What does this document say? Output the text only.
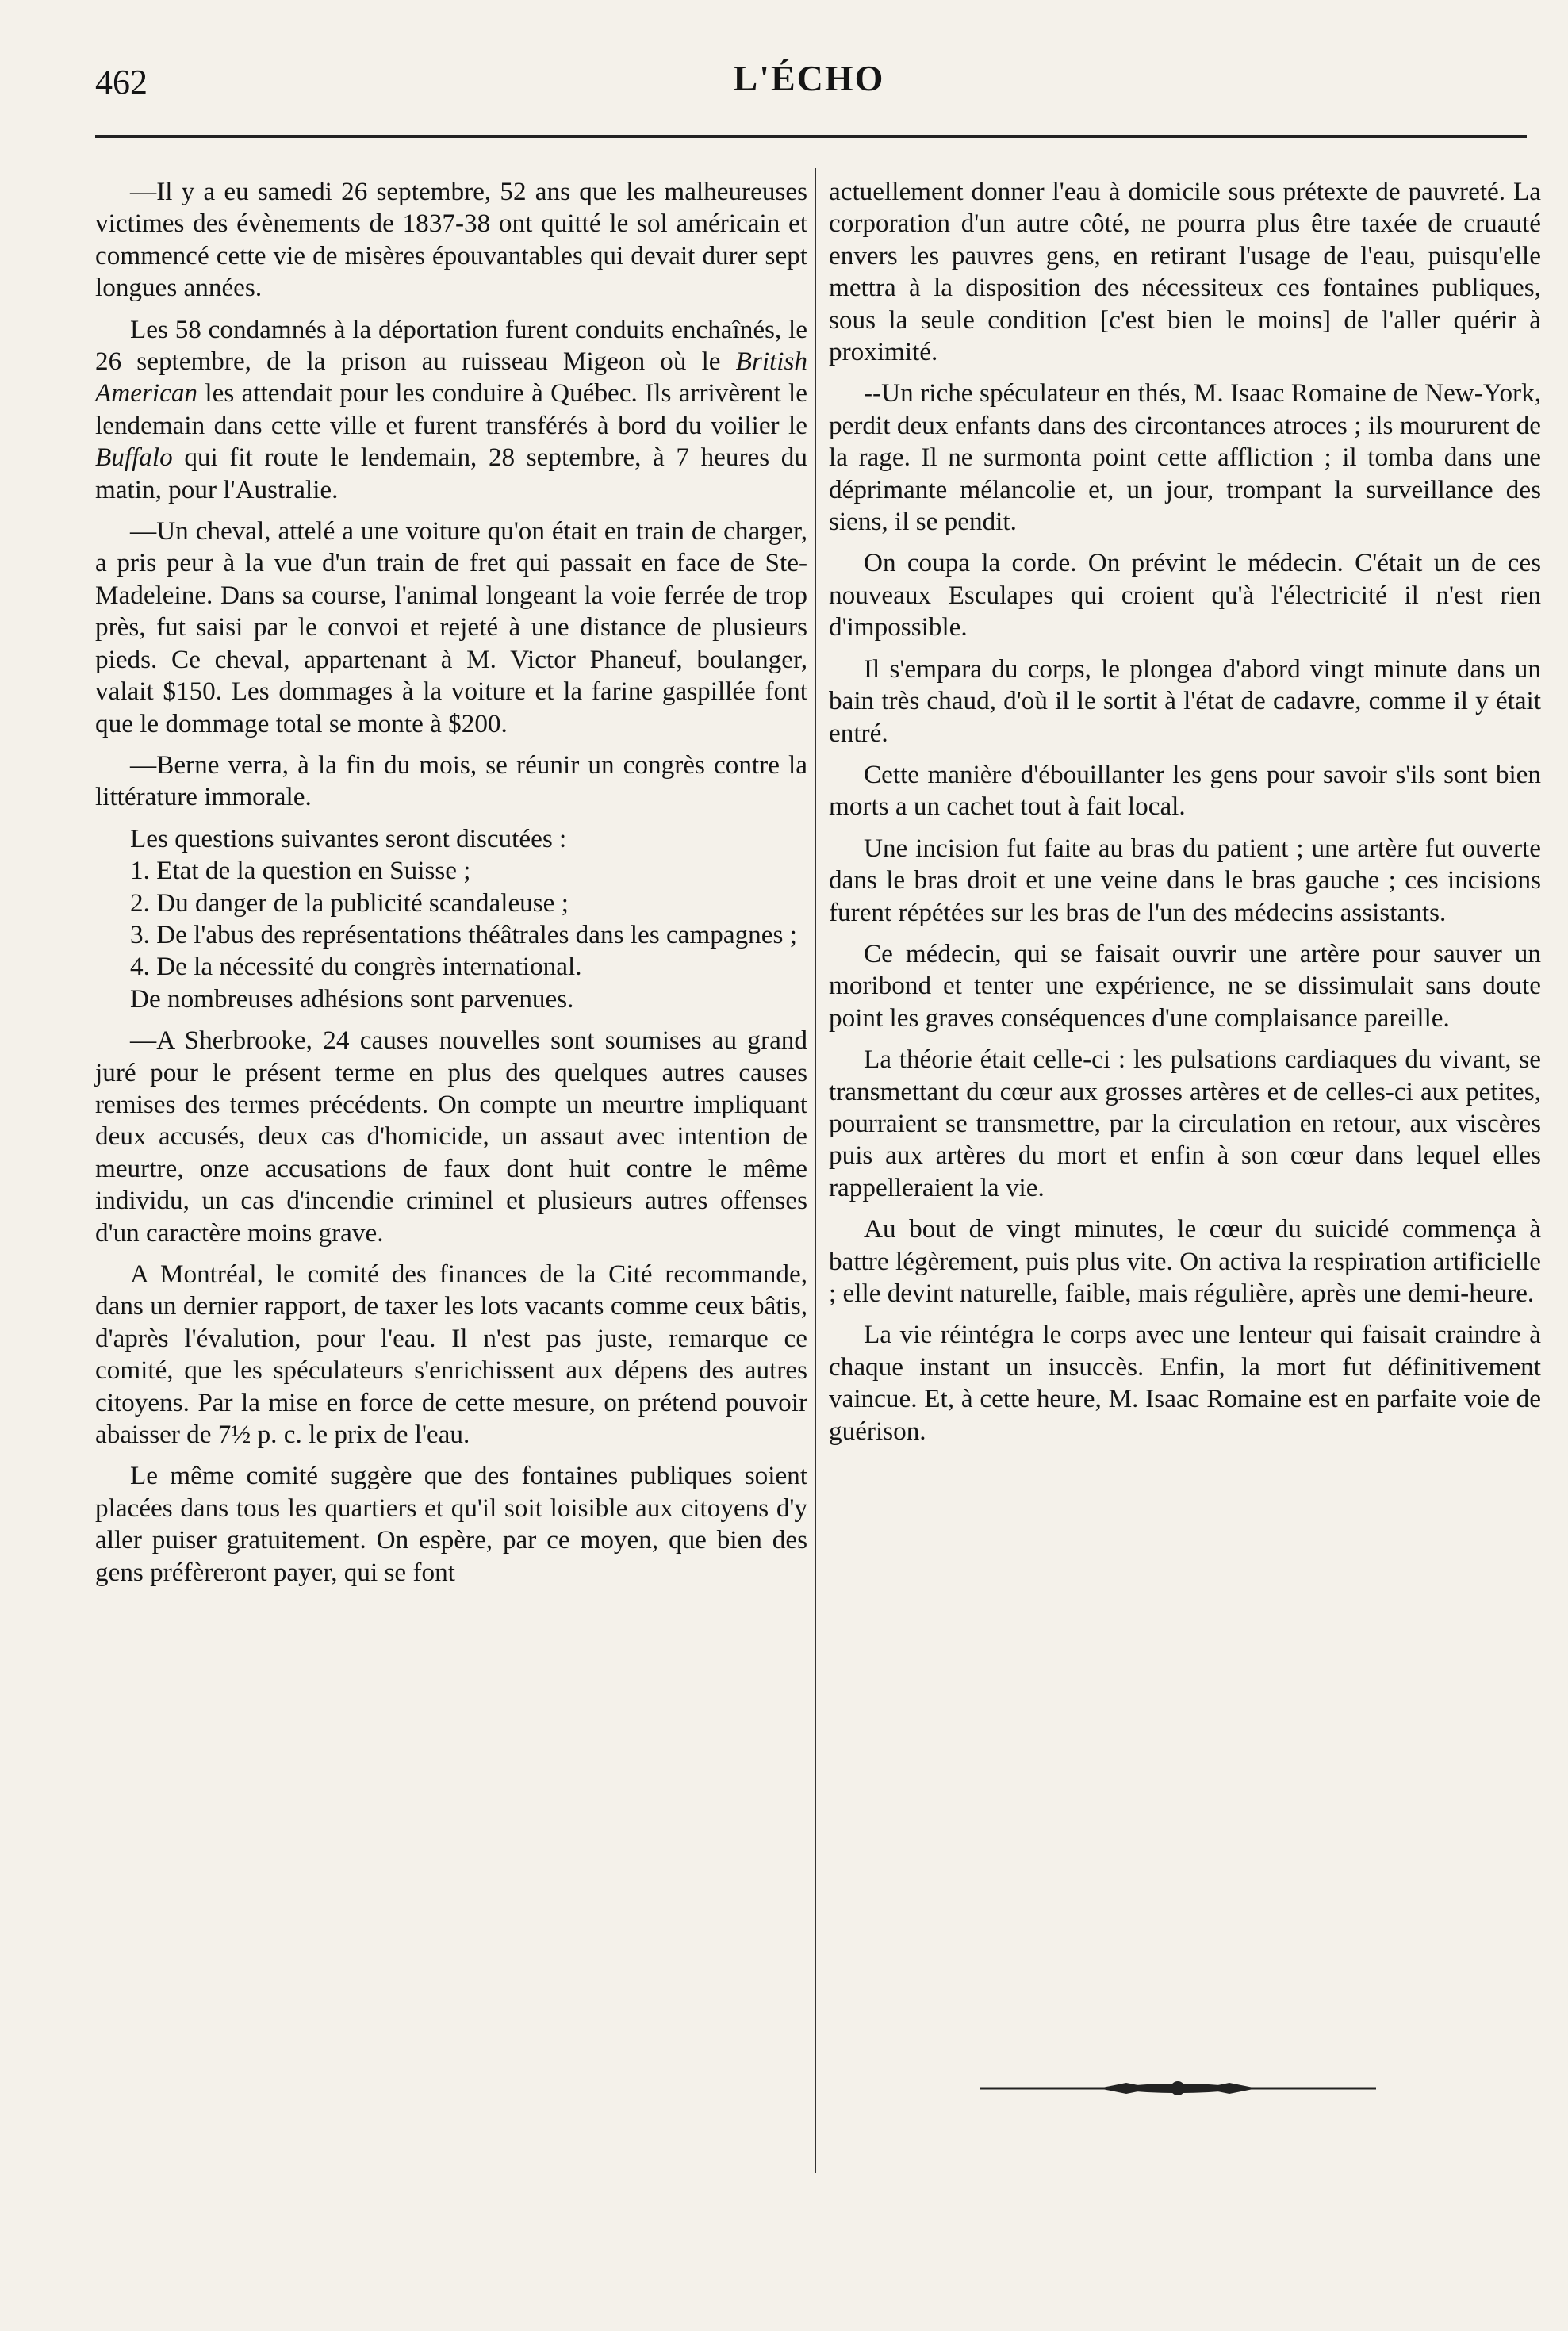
462	L'ÉCHO

—Il y a eu samedi 26 septembre, 52 ans que les malheureuses victimes des évènements de 1837-38 ont quitté le sol américain et commencé cette vie de misères épouvantables qui devait durer sept longues années.

Les 58 condamnés à la déportation furent conduits enchaînés, le 26 septembre, de la prison au ruisseau Migeon où le British American les attendait pour les conduire à Québec. Ils arrivèrent le lendemain dans cette ville et furent transférés à bord du voilier le Buffalo qui fit route le lendemain, 28 septembre, à 7 heures du matin, pour l'Australie.

—Un cheval, attelé a une voiture qu'on était en train de charger, a pris peur à la vue d'un train de fret qui passait en face de Ste-Madeleine. Dans sa course, l'animal longeant la voie ferrée de trop près, fut saisi par le convoi et rejeté à une distance de plusieurs pieds. Ce cheval, appartenant à M. Victor Phaneuf, boulanger, valait $150. Les dommages à la voiture et la farine gaspillée font que le dommage total se monte à $200.

—Berne verra, à la fin du mois, se réunir un congrès contre la littérature immorale.

Les questions suivantes seront discutées :

1. Etat de la question en Suisse ;

2. Du danger de la publicité scandaleuse ;

3. De l'abus des représentations théâtrales dans les campagnes ;

4. De la nécessité du congrès international.

De nombreuses adhésions sont parvenues.

—A Sherbrooke, 24 causes nouvelles sont soumises au grand juré pour le présent terme en plus des quelques autres causes remises des termes précédents. On compte un meurtre impliquant deux accusés, deux cas d'homicide, un assaut avec intention de meurtre, onze accusations de faux dont huit contre le même individu, un cas d'incendie criminel et plusieurs autres offenses d'un caractère moins grave.

A Montréal, le comité des finances de la Cité recommande, dans un dernier rapport, de taxer les lots vacants comme ceux bâtis, d'après l'évalution, pour l'eau. Il n'est pas juste, remarque ce comité, que les spéculateurs s'enrichissent aux dépens des autres citoyens. Par la mise en force de cette mesure, on prétend pouvoir abaisser de 7½ p. c. le prix de l'eau.

Le même comité suggère que des fontaines publiques soient placées dans tous les quartiers et qu'il soit loisible aux citoyens d'y aller puiser gratuitement. On espère, par ce moyen, que bien des gens préfèreront payer, qui se font

actuellement donner l'eau à domicile sous prétexte de pauvreté. La corporation d'un autre côté, ne pourra plus être taxée de cruauté envers les pauvres gens, en retirant l'usage de l'eau, puisqu'elle mettra à la disposition des nécessiteux ces fontaines publiques, sous la seule condition [c'est bien le moins] de l'aller quérir à proximité.

--Un riche spéculateur en thés, M. Isaac Romaine de New-York, perdit deux enfants dans des circontances atroces ; ils moururent de la rage. Il ne surmonta point cette affliction ; il tomba dans une déprimante mélancolie et, un jour, trompant la surveillance des siens, il se pendit.

On coupa la corde. On prévint le médecin. C'était un de ces nouveaux Esculapes qui croient qu'à l'électricité il n'est rien d'impossible.

Il s'empara du corps, le plongea d'abord vingt minute dans un bain très chaud, d'où il le sortit à l'état de cadavre, comme il y était entré.

Cette manière d'ébouillanter les gens pour savoir s'ils sont bien morts a un cachet tout à fait local.

Une incision fut faite au bras du patient ; une artère fut ouverte dans le bras droit et une veine dans le bras gauche ; ces incisions furent répétées sur les bras de l'un des médecins assistants.

Ce médecin, qui se faisait ouvrir une artère pour sauver un moribond et tenter une expérience, ne se dissimulait sans doute point les graves conséquences d'une complaisance pareille.

La théorie était celle-ci : les pulsations cardiaques du vivant, se transmettant du cœur aux grosses artères et de celles-ci aux petites, pourraient se transmettre, par la circulation en retour, aux viscères puis aux artères du mort et enfin à son cœur dans lequel elles rappelleraient la vie.

Au bout de vingt minutes, le cœur du suicidé commença à battre légèrement, puis plus vite. On activa la respiration artificielle ; elle devint naturelle, faible, mais régulière, après une demi-heure.

La vie réintégra le corps avec une lenteur qui faisait craindre à chaque instant un insuccès. Enfin, la mort fut définitivement vaincue. Et, à cette heure, M. Isaac Romaine est en parfaite voie de guérison.
